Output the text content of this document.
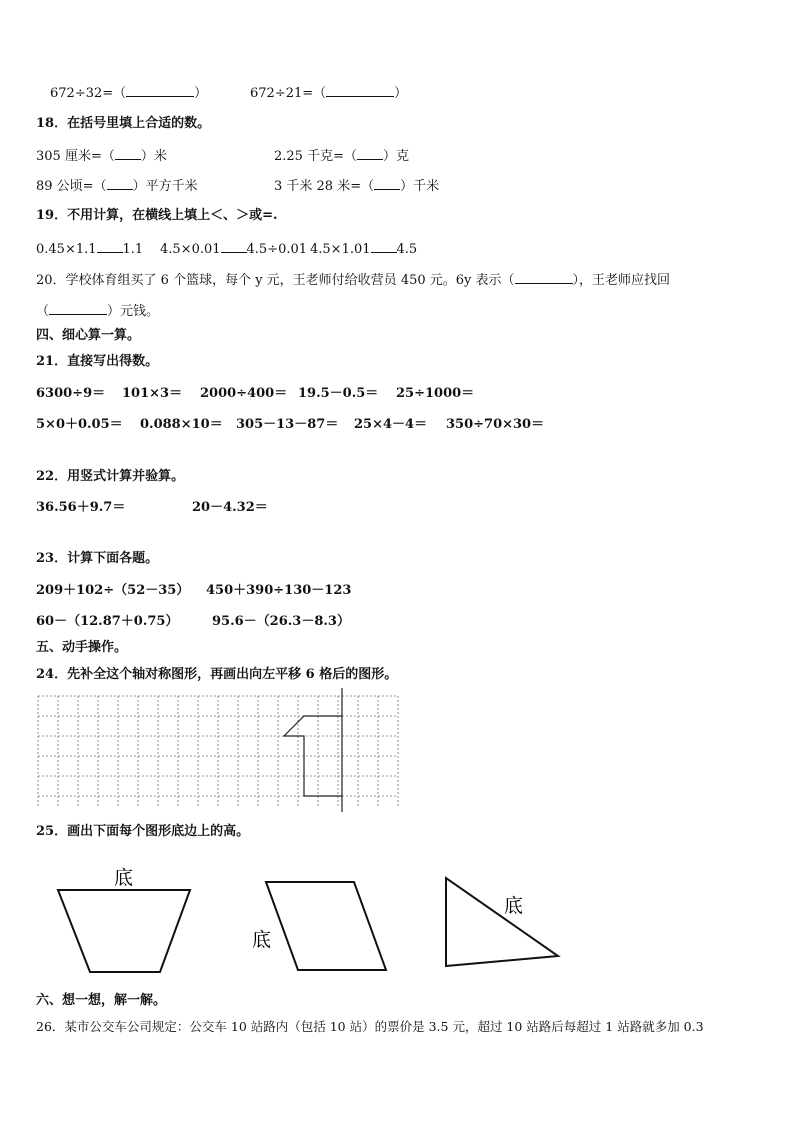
672÷32=（	）	672÷21=（	）
18．在括号里填上合适的数。
305 厘米=（ ）米	2.25 千克=（ ）克
89 公顷=（ ）平方千米	3 千米 28 米=（ ）千米
19．不用计算，在横线上填上＜、＞或=.
0.45×1.1 1.1 4.5×0.01 4.5÷0.01 4.5×1.01 4.5
20．学校体育组买了 6 个篮球，每个 y 元，王老师付给收营员 450 元。6y 表示（	），王老师应找回
（	）元钱。
四、细心算一算。
21．直接写出得数。
6300÷9＝ 101×3＝ 2000÷400＝ 19.5－0.5＝ 25÷1000＝
5×0＋0.05＝ 0.088×10＝ 305－13－87＝ 25×4－4＝ 350÷70×30＝
22．用竖式计算并验算。
36.56＋9.7＝	20－4.32＝
23．计算下面各题。
209＋102÷（52－35） 450＋390÷130－123
60－（12.87＋0.75）	95.6－（26.3－8.3）
五、动手操作。
24．先补全这个轴对称图形，再画出向左平移 6 格后的图形。
25．画出下面每个图形底边上的高。
底
底
底
六、想一想，解一解。
26．某市公交车公司规定：公交车 10 站路内（包括 10 站）的票价是 3.5 元，超过 10 站路后每超过 1 站路就多加 0.3
